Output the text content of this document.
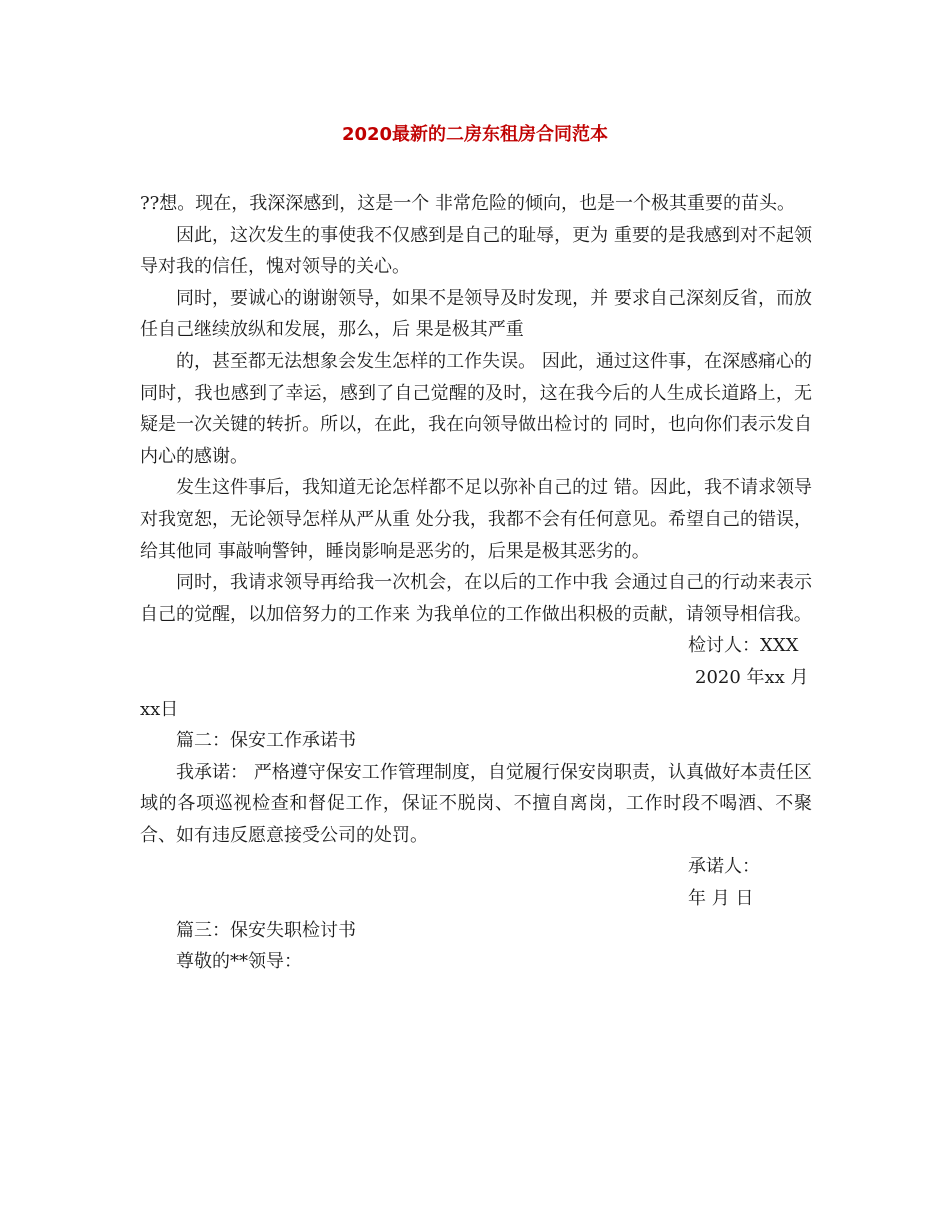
2020最新的二房东租房合同范本

??想。现在，我深深感到，这是一个 非常危险的倾向，也是一个极其重要的苗头。

因此，这次发生的事使我不仅感到是自己的耻辱，更为 重要的是我感到对不起领导对我的信任，愧对领导的关心。

同时，要诚心的谢谢领导，如果不是领导及时发现，并 要求自己深刻反省，而放任自己继续放纵和发展，那么，后 果是极其严重

的，甚至都无法想象会发生怎样的工作失误。 因此，通过这件事，在深感痛心的同时，我也感到了幸运，感到了自己觉醒的及时，这在我今后的人生成长道路上，无 疑是一次关键的转折。所以，在此，我在向领导做出检讨的 同时，也向你们表示发自内心的感谢。

发生这件事后，我知道无论怎样都不足以弥补自己的过 错。因此，我不请求领导对我宽恕，无论领导怎样从严从重 处分我，我都不会有任何意见。希望自己的错误，给其他同 事敲响警钟，睡岗影响是恶劣的，后果是极其恶劣的。

同时，我请求领导再给我一次机会，在以后的工作中我 会通过自己的行动来表示自己的觉醒，以加倍努力的工作来 为我单位的工作做出积极的贡献，请领导相信我。

检讨人：XXX

2020 年xx 月

xx日

篇二：保安工作承诺书

我承诺： 严格遵守保安工作管理制度，自觉履行保安岗职责，认真做好本责任区域的各项巡视检查和督促工作，保证不脱岗、不擅自离岗，工作时段不喝酒、不聚合、如有违反愿意接受公司的处罚。

承诺人：

年 月 日

篇三：保安失职检讨书

尊敬的**领导：
